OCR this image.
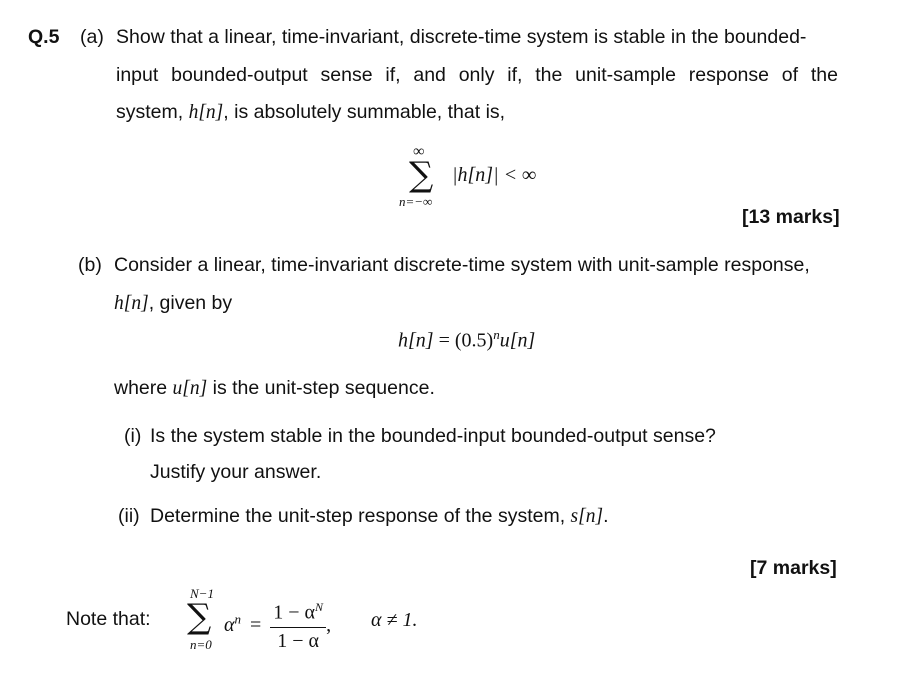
Q.5 (a) Show that a linear, time-invariant, discrete-time system is stable in the bounded-
input bounded-output sense if, and only if, the unit-sample response of the
system, h[n], is absolutely summable, that is,
∞
∑ |h[n]| < ∞
n=−∞
[13 marks]
(b) Consider a linear, time-invariant discrete-time system with unit-sample response,
h[n], given by
$h[n] = (0.5)^nu[n]$
where u[n] is the unit-step sequence.
(i) Is the system stable in the bounded-input bounded-output sense?
Justify your answer.
(ii) Determine the unit-step response of the system, s[n].
[7 marks]
Note that:
N−1
∑
n=0
$\alpha^n = \frac{1 - \alpha^N}{1 - \alpha}$ , α ≠ 1.
